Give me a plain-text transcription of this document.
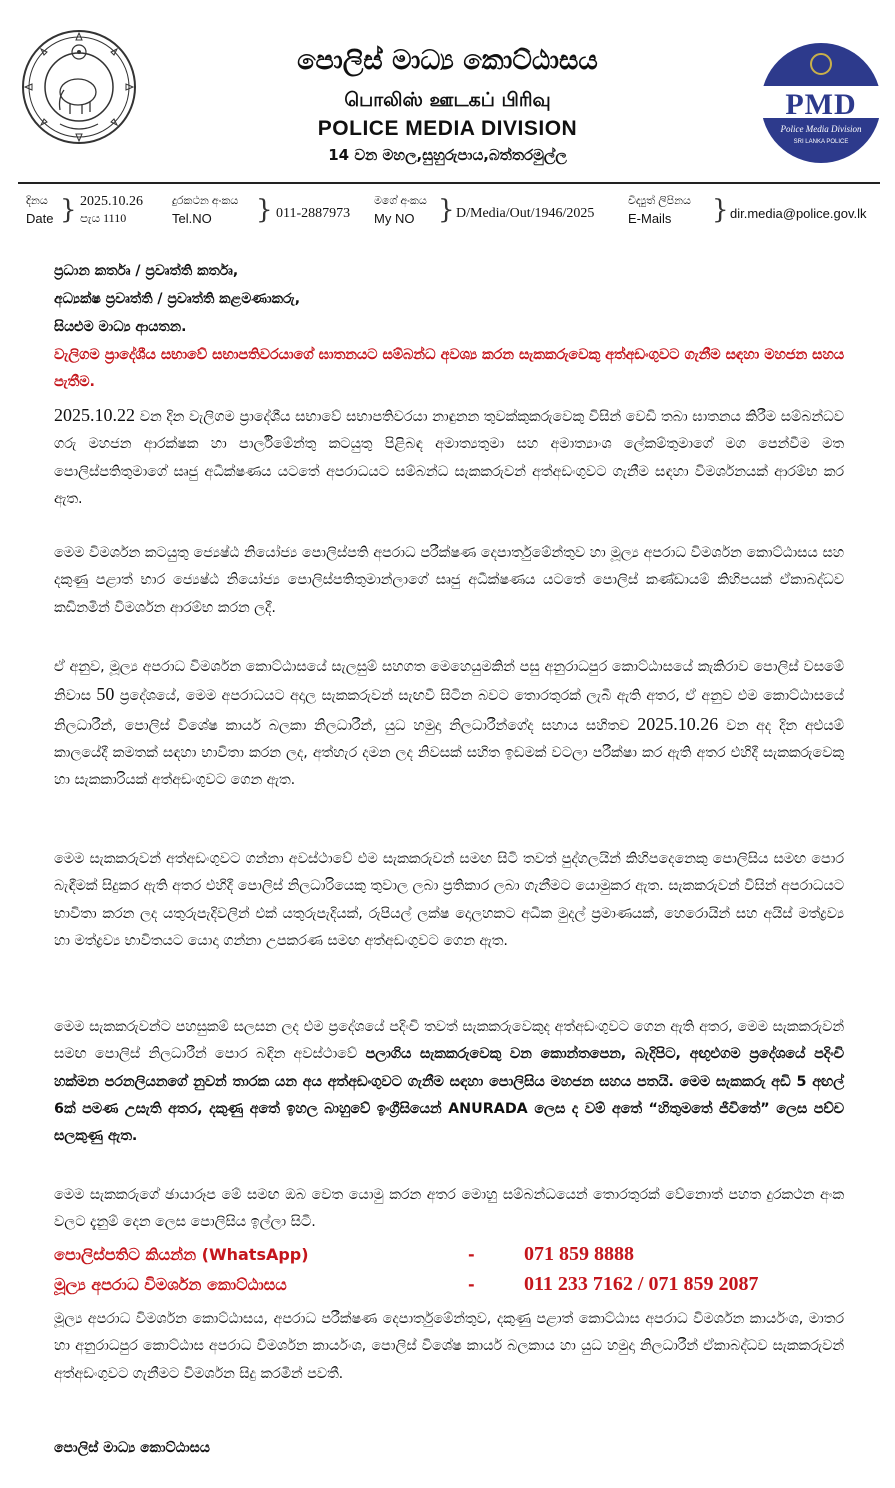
පොලිස් මාධ්‍ය කොට්ඨාසය
பொலிஸ் ஊடகப் பிரிவு
POLICE MEDIA DIVISION
14 වන මහල,සුහුරුපාය,බත්තරමුල්ල
PMD
Police Media Division
SRI LANKA POLICE
දිනය
Date } 2025.10.26
පැය 1110
දුරකථන අංකය
Tel.NO	} 011-2887973
මගේ අංකය
My NO } D/Media/Out/1946/2025
විද්‍යුත් ලිපිනය
E-Mails	} dir.media@police.gov.lk
ප්‍රධාන කර්තෘ / ප්‍රවෘත්ති කර්තෘ,
අධ්‍යක්ෂ ප්‍රවෘත්ති / ප්‍රවෘත්ති කළමණාකරු,
සියළුම මාධ්‍ය ආයතන.

වැලිගම ප්‍රාදේශීය සභාවේ සභාපතිවරයාගේ ඝාතනයට සම්බන්ධ අවශ්‍ය කරන සැකකරුවෙකු අත්අඩංගුවට ගැනීම සඳහා මහජන සහය පැතීම.

2025.10.22 වන දින වැලිගම ප්‍රාදේශීය සභාවේ සභාපතිවරයා නාඳුනන තුවක්කුකරුවෙකු විසින් වෙඩි තබා ඝාතනය කිරීම සම්බන්ධව ගරු මහජන ආරක්ෂක හා පාර්ලිමේන්තු කටයුතු පිළිබඳ අමාත්‍යතුමා සහ අමාත්‍යාංශ ලේකම්තුමාගේ මග පෙන්වීම මත පොලිස්පතිතුමාගේ සෘජු අධීක්ෂණය යටතේ අපරාධයට සම්බන්ධ සැකකරුවන් අත්අඩංගුවට ගැනීම සඳහා විමර්ශනයක් ආරම්භ කර ඇත.

මෙම විමර්ශන කටයුතු ජ්‍යෙෂ්ඨ නියෝජ්‍ය පොලිස්පති අපරාධ පරීක්ෂණ දෙපාර්තුමේන්තුව හා මූල්‍ය අපරාධ විමර්ශන කොට්ඨාසය සහ දකුණු පළාත් භාර ජ්‍යෙෂ්ඨ නියෝජ්‍ය පොලිස්පතිතුමාන්ලාගේ සෘජු අධීක්ෂණය යටතේ පොලිස් කණ්ඩායම් කිහිපයක් ඒකාබද්ධව කඩිනමින් විමර්ශන ආරම්භ කරන ලදී.

ඒ අනුව, මූල්‍ය අපරාධ විමර්ශන කොට්ඨාසයේ සැලසුම් සහගත මෙහෙයුමකින් පසු අනුරාධපුර කොට්ඨාසයේ කැකිරාව පොලිස් වසමේ නිවාස 50 ප්‍රදේශයේ, මෙම අපරාධයට අදාල සැකකරුවන් සැඟවී සිටින බවට තොරතුරක් ලැබී ඇති අතර, ඒ අනුව එම කොට්ඨාසයේ නිලධාරීන්, පොලිස් විශේෂ කාර්ය බලකා නිලධාරීන්, යුධ හමුදා නිලධාරීන්ගේද සහාය සහිතව 2025.10.26 වන අද දින අළුයම් කාලයේදී කමතක් සඳහා භාවිතා කරන ලද, අත්හැර දමන ලද නිවසක් සහිත ඉඩමක් වටලා පරීක්ෂා කර ඇති අතර එහිදී සැකකරුවෙකු හා සැකකාරියක් අත්අඩංගුවට ගෙන ඇත.

මෙම සැකකරුවන් අත්අඩංගුවට ගන්නා අවස්ථාවේ එම සැකකරුවන් සමඟ සිටි තවත් පුද්ගලයින් කිහිපදෙනෙකු පොලිසිය සමඟ පොර බැඳීමක් සිදුකර ඇති අතර එහිදී පොලිස් නිලධාරියෙකු තුවාල ලබා ප්‍රතිකාර ලබා ගැනීමට යොමුකර ඇත. සැකකරුවන් විසින් අපරාධයට භාවිතා කරන ලද යතුරුපැදිවලින් එක් යතුරුපැදියක්, රුපියල් ලක්ෂ දොලහකට අධික මුදල් ප්‍රමාණයක්, හෙරොයින් සහ අයිස් මත්ද්‍රව්‍ය හා මත්ද්‍රව්‍ය භාවිතයට යොදා ගන්නා උපකරණ සමඟ අත්අඩංගුවට ගෙන ඇත.

මෙම සැකකරුවන්ට පහසුකම් සලසන ලද එම ප්‍රදේශයේ පදිංචි තවත් සැකකරුවෙකුද අත්අඩංගුවට ගෙන ඇති අතර, මෙම සැකකරුවන් සමඟ පොලිස් නිලධාරීන් පොර බඳින අවස්ථාවේ පලාගිය සැකකරුවෙකු වන කොන්තපෙන, බැදිපිට, අඟුළුගම ප්‍රදේශයේ පදිංචි හක්මන පරනලියනගේ නුවන් තාරක යන අය අත්අඩංගුවට ගැනීම සඳහා පොලිසිය මහජන සහය පතයි. මෙම සැකකරු අඩි 5 අඟල් 6ක් පමණ උසැති අතර, දකුණු අතේ ඉහල බාහුවේ ඉංග්‍රීසියෙන් ANURADA ලෙස ද වම් අතේ “හිතුමතේ ජීවිතේ” ලෙස පච්ච සලකුණු ඇත.

මෙම සැකකරුගේ ඡායාරූප මේ සමඟ ඔබ වෙත යොමු කරන අතර මොහු සම්බන්ධයෙන් තොරතුරක් වේනොත් පහත දුරකථන අංක වලට දැනුම් දෙන ලෙස පොලිසිය ඉල්ලා සිටී.

පොලිස්පතිට කියන්න (WhatsApp)	- 071 859 8888
මූල්‍ය අපරාධ විමර්ශන කොට්ඨාසය	- 011 233 7162 / 071 859 2087

මූල්‍ය අපරාධ විමර්ශන කොට්ඨාසය, අපරාධ පරීක්ෂණ දෙපාර්තුමේන්තුව, දකුණු පළාත් කොට්ඨාස අපරාධ විමර්ශන කාර්යංශ, මාතර හා අනුරාධපුර කොට්ඨාස අපරාධ විමර්ශන කාර්යංශ, පොලිස් විශේෂ කාර්ය බලකාය හා යුධ හමුදා නිලධාරීන් ඒකාබද්ධව සැකකරුවන් අත්අඩංගුවට ගැනීමට විමර්ශන සිදු කරමින් පවතී.

පොලිස් මාධ්‍ය කොට්ඨාසය
